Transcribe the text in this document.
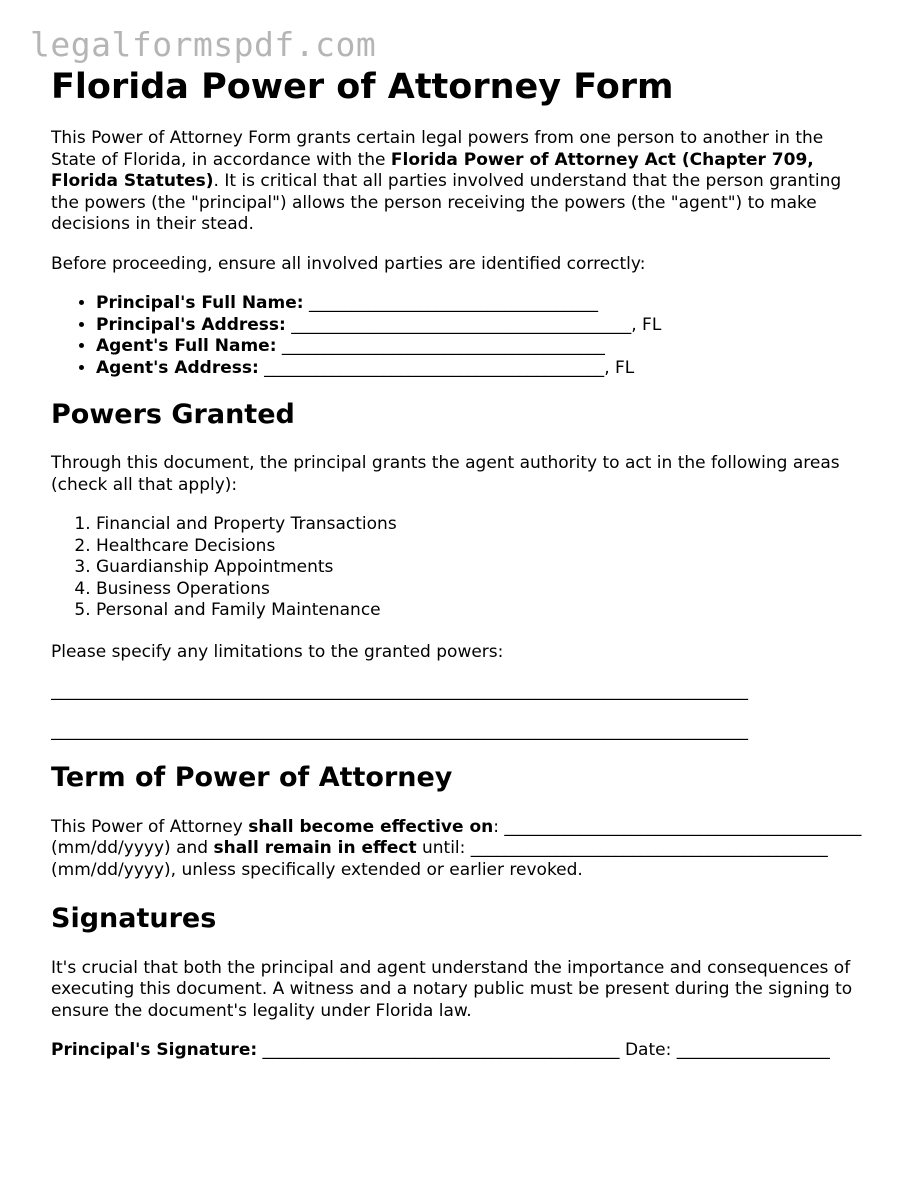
legalformspdf.com
Florida Power of Attorney Form

This Power of Attorney Form grants certain legal powers from one person to another in the State of Florida, in accordance with the Florida Power of Attorney Act (Chapter 709, Florida Statutes). It is critical that all parties involved understand that the person granting the powers (the "principal") allows the person receiving the powers (the "agent") to make decisions in their stead.

Before proceeding, ensure all involved parties are identified correctly:

• Principal's Full Name: __________________________________
• Principal's Address: ________________________________________, FL
• Agent's Full Name: ______________________________________
• Agent's Address: ________________________________________, FL
Powers Granted

Through this document, the principal grants the agent authority to act in the following areas (check all that apply):

1. Financial and Property Transactions
2. Healthcare Decisions
3. Guardianship Appointments
4. Business Operations
5. Personal and Family Maintenance

Please specify any limitations to the granted powers:

__________________________________________________________________________________

__________________________________________________________________________________

Term of Power of Attorney

This Power of Attorney shall become effective on: __________________________________________ (mm/dd/yyyy) and shall remain in effect until: __________________________________________ (mm/dd/yyyy), unless specifically extended or earlier revoked.

Signatures

It's crucial that both the principal and agent understand the importance and consequences of executing this document. A witness and a notary public must be present during the signing to ensure the document's legality under Florida law.

Principal's Signature: __________________________________________ Date: __________________
